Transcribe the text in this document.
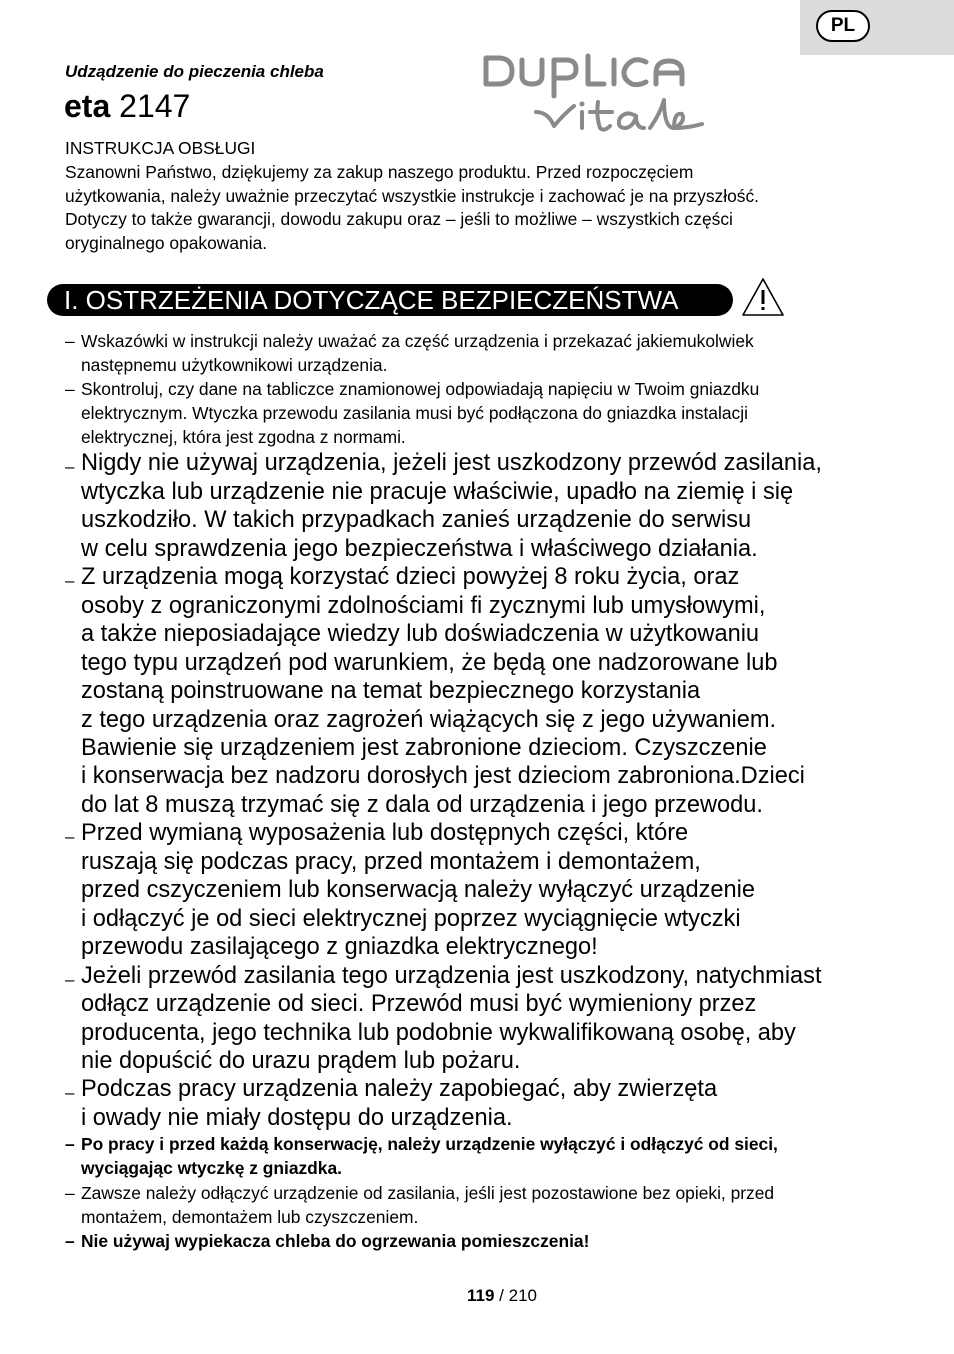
PL
Udządzenie do pieczenia chleba
eta 2147
INSTRUKCJA OBSŁUGI
Szanowni Państwo, dziękujemy za zakup naszego produktu. Przed rozpoczęciem
użytkowania, należy uważnie przeczytać wszystkie instrukcje i zachować je na przyszłość.
Dotyczy to także gwarancji, dowodu zakupu oraz – jeśli to możliwe – wszystkich części
oryginalnego opakowania.
I. OSTRZEŻENIA DOTYCZĄCE BEZPIECZEŃSTWA
– Wskazówki w instrukcji należy uważać za część urządzenia i przekazać jakiemukolwiek
następnemu użytkownikowi urządzenia.
– Skontroluj, czy dane na tabliczce znamionowej odpowiadają napięciu w Twoim gniazdku
elektrycznym. Wtyczka przewodu zasilania musi być podłączona do gniazdka instalacji
elektrycznej, która jest zgodna z normami.
– Nigdy nie używaj urządzenia, jeżeli jest uszkodzony przewód zasilania,
wtyczka lub urządzenie nie pracuje właściwie, upadło na ziemię i się
uszkodziło. W takich przypadkach zanieś urządzenie do serwisu
w celu sprawdzenia jego bezpieczeństwa i właściwego działania.
– Z urządzenia mogą korzystać dzieci powyżej 8 roku życia, oraz
osoby z ograniczonymi zdolnościami fi zycznymi lub umysłowymi,
a także nieposiadające wiedzy lub doświadczenia w użytkowaniu
tego typu urządzeń pod warunkiem, że będą one nadzorowane lub
zostaną poinstruowane na temat bezpiecznego korzystania
z tego urządzenia oraz zagrożeń wiążących się z jego używaniem.
Bawienie się urządzeniem jest zabronione dzieciom. Czyszczenie
i konserwacja bez nadzoru dorosłych jest dzieciom zabroniona.Dzieci
do lat 8 muszą trzymać się z dala od urządzenia i jego przewodu.
– Przed wymianą wyposażenia lub dostępnych części, które
ruszają się podczas pracy, przed montażem i demontażem,
przed cszyczeniem lub konserwacją należy wyłączyć urządzenie
i odłączyć je od sieci elektrycznej poprzez wyciągnięcie wtyczki
przewodu zasilającego z gniazdka elektrycznego!
– Jeżeli przewód zasilania tego urządzenia jest uszkodzony, natychmiast
odłącz urządzenie od sieci. Przewód musi być wymieniony przez
producenta, jego technika lub podobnie wykwalifikowaną osobę, aby
nie dopuścić do urazu prądem lub pożaru.
– Podczas pracy urządzenia należy zapobiegać, aby zwierzęta
i owady nie miały dostępu do urządzenia.
– Po pracy i przed każdą konserwację, należy urządzenie wyłączyć i odłączyć od sieci,
wyciągając wtyczkę z gniazdka.
– Zawsze należy odłączyć urządzenie od zasilania, jeśli jest pozostawione bez opieki, przed
montażem, demontażem lub czyszczeniem.
– Nie używaj wypiekacza chleba do ogrzewania pomieszczenia!
119 / 210
